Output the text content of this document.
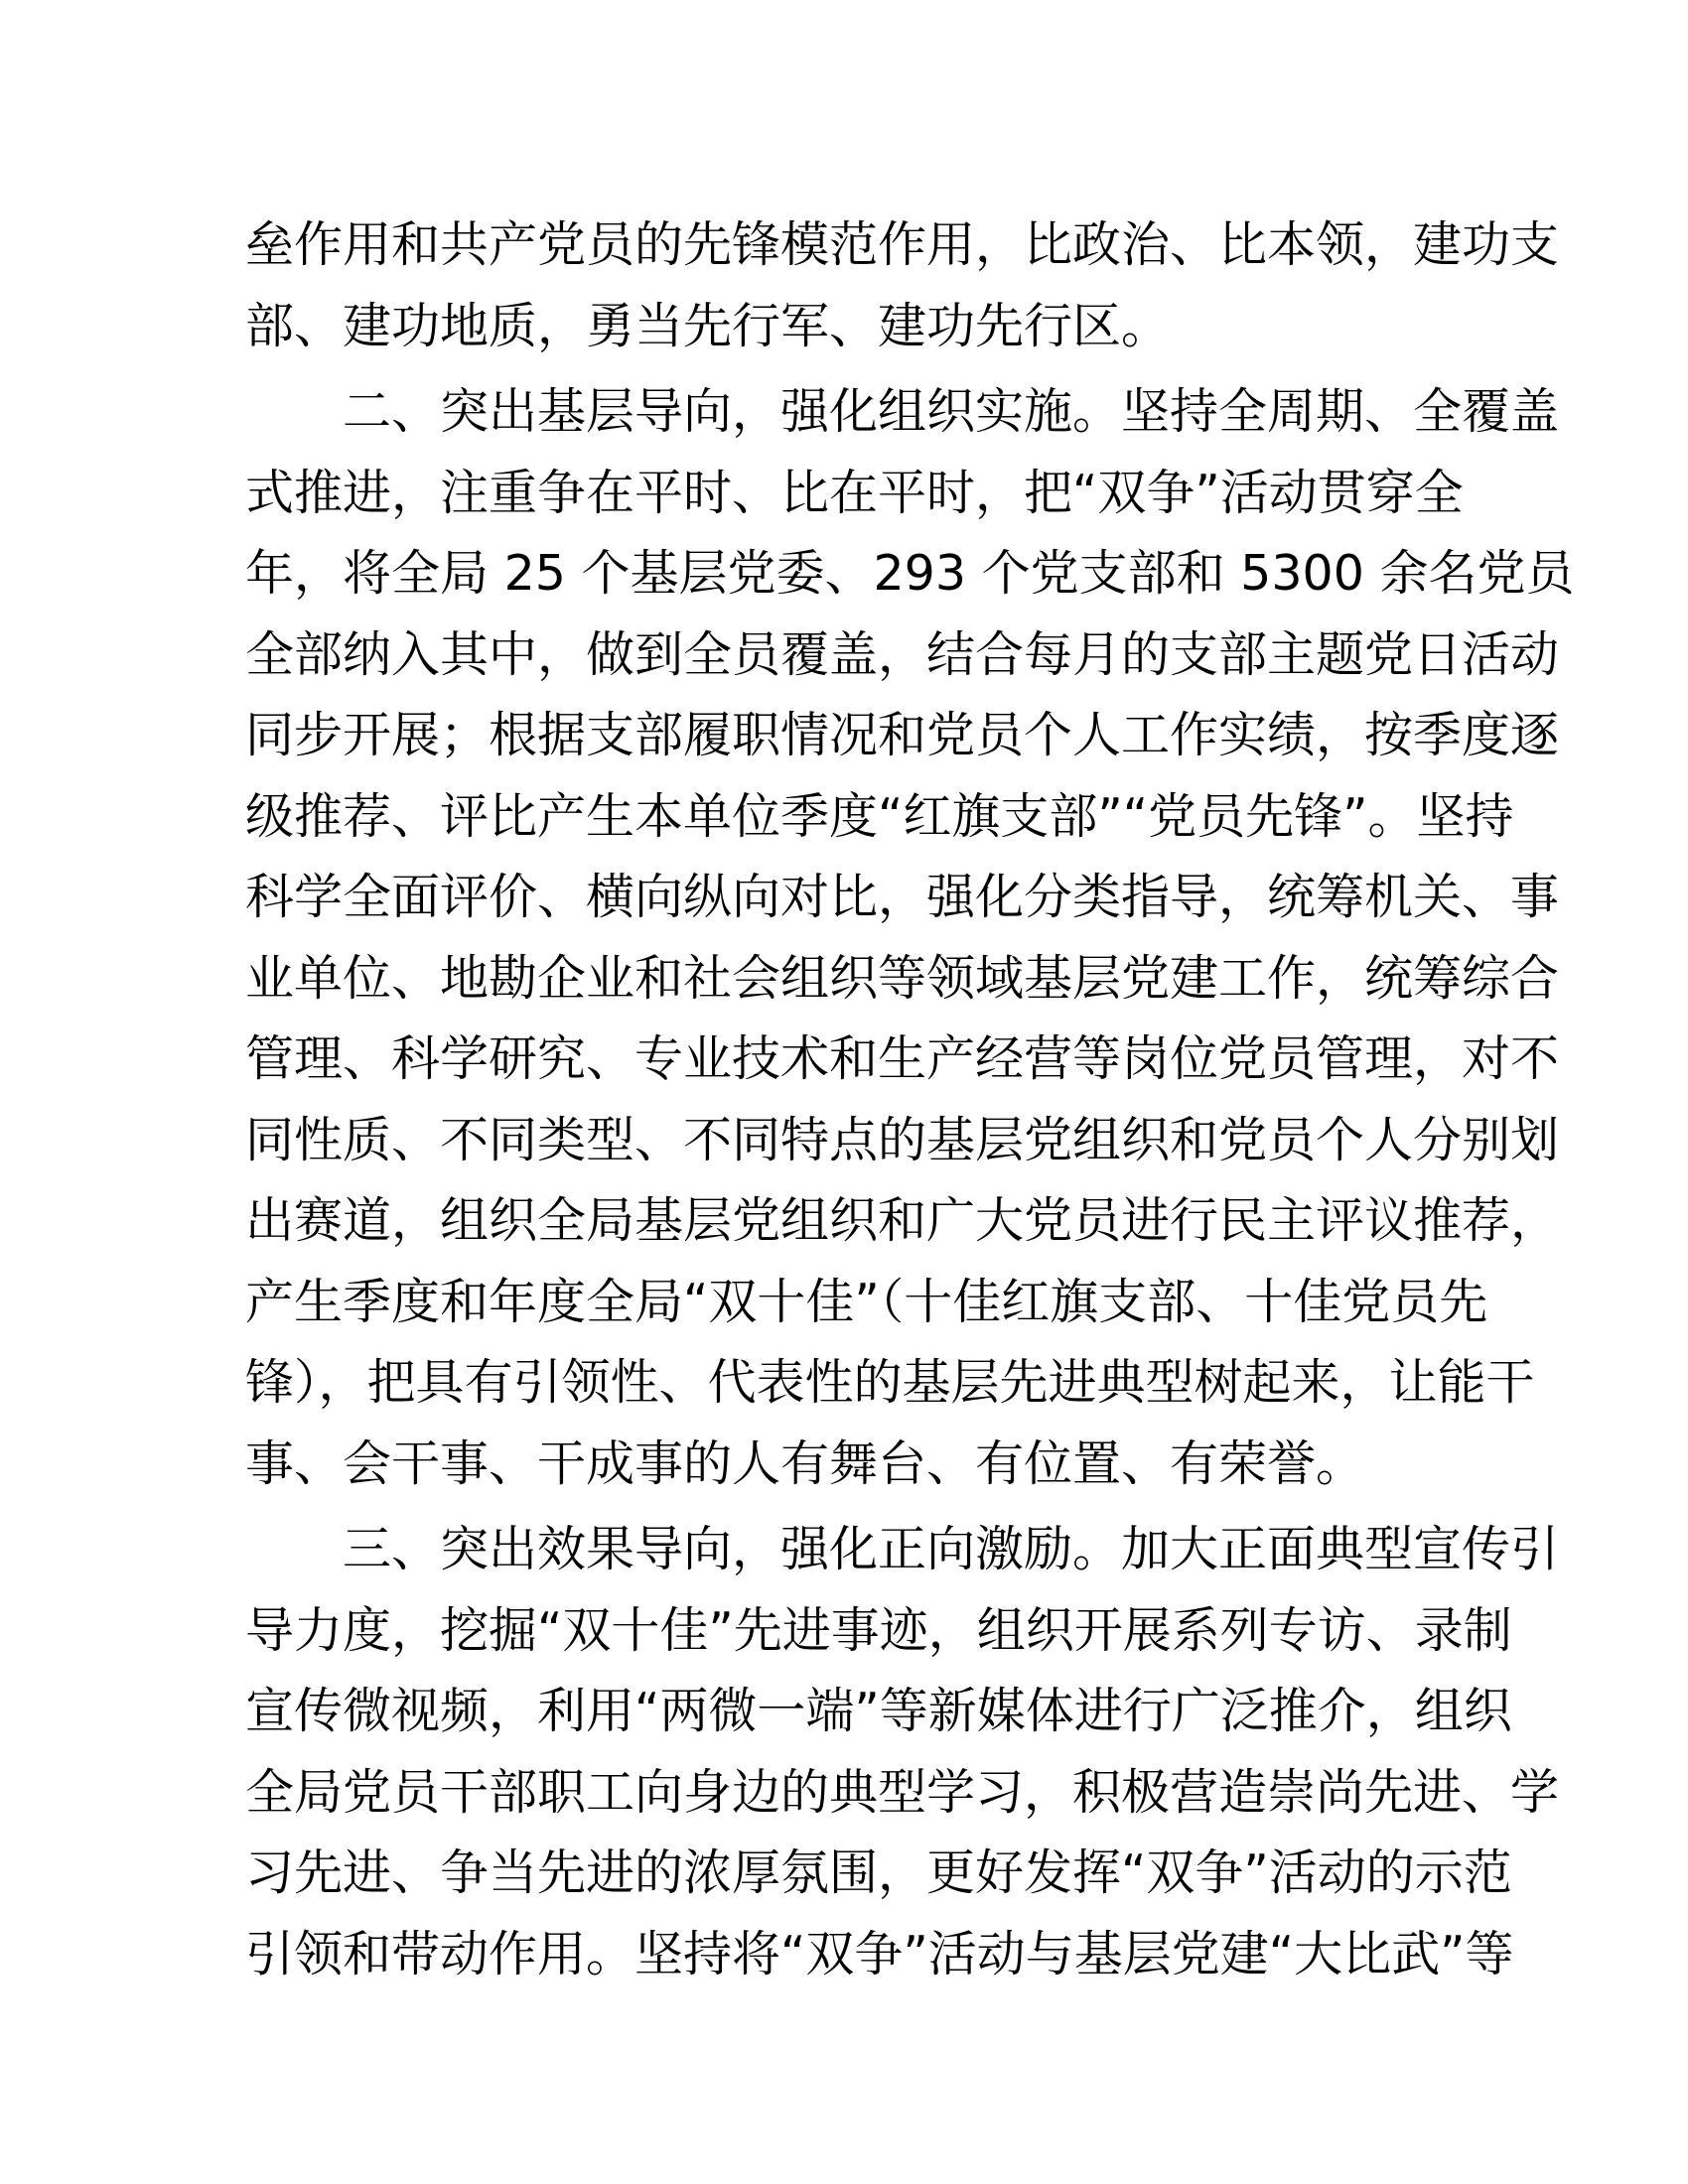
垒作用和共产党员的先锋模范作用，比政治、比本领，建功支
部、建功地质，勇当先行军、建功先行区。
二、突出基层导向，强化组织实施。坚持全周期、全覆盖
式推进，注重争在平时、比在平时，把“双争”活动贯穿全
年，将全局 25 个基层党委、293 个党支部和 5300 余名党员
全部纳入其中，做到全员覆盖，结合每月的支部主题党日活动
同步开展；根据支部履职情况和党员个人工作实绩，按季度逐
级推荐、评比产生本单位季度“红旗支部”“党员先锋”。坚持
科学全面评价、横向纵向对比，强化分类指导，统筹机关、事
业单位、地勘企业和社会组织等领域基层党建工作，统筹综合
管理、科学研究、专业技术和生产经营等岗位党员管理，对不
同性质、不同类型、不同特点的基层党组织和党员个人分别划
出赛道，组织全局基层党组织和广大党员进行民主评议推荐，
产生季度和年度全局“双十佳”（十佳红旗支部、十佳党员先
锋），把具有引领性、代表性的基层先进典型树起来，让能干
事、会干事、干成事的人有舞台、有位置、有荣誉。
三、突出效果导向，强化正向激励。加大正面典型宣传引
导力度，挖掘“双十佳”先进事迹，组织开展系列专访、录制
宣传微视频，利用“两微一端”等新媒体进行广泛推介，组织
全局党员干部职工向身边的典型学习，积极营造崇尚先进、学
习先进、争当先进的浓厚氛围，更好发挥“双争”活动的示范
引领和带动作用。坚持将“双争”活动与基层党建“大比武”等
